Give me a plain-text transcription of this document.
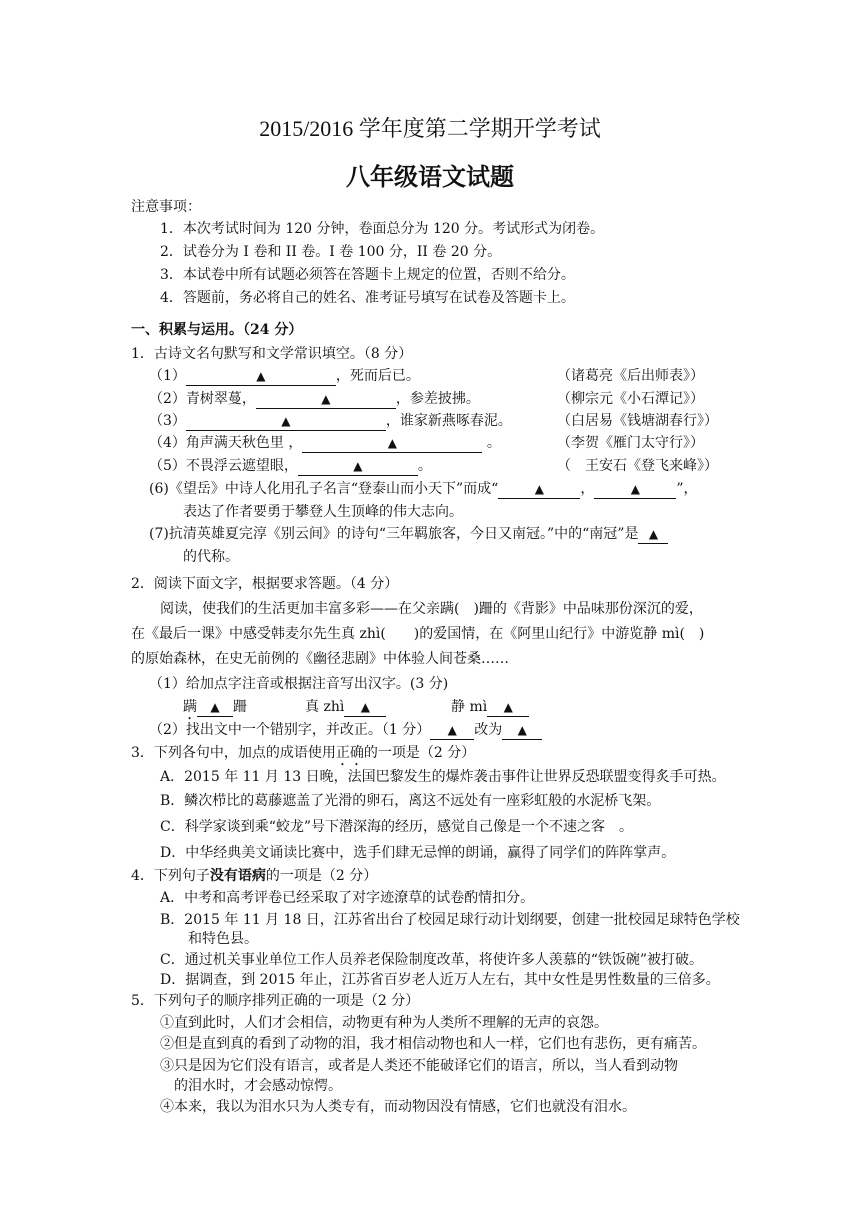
2015/2016 学年度第二学期开学考试
八年级语文试题
注意事项：
1．本次考试时间为 120 分钟，卷面总分为 120 分。考试形式为闭卷。
2．试卷分为 I 卷和 II 卷。I 卷 100 分，II 卷 20 分。
3．本试卷中所有试题必须答在答题卡上规定的位置，否则不给分。
4．答题前，务必将自己的姓名、准考证号填写在试卷及答题卡上。
一、积累与运用。（24 分）
1．古诗文名句默写和文学常识填空。（8 分）
（1）	▲	，死而后已。	（诸葛亮《后出师表》）
（2）青树翠蔓，	▲	，参差披拂。	（柳宗元《小石潭记》）
（3）	▲	，谁家新燕啄春泥。	（白居易《钱塘湖春行》）
（4）角声满天秋色里 ，	▲	。	（李贺《雁门太守行》）
（5）不畏浮云遮望眼，	▲	。	（　王安石《登飞来峰》）
(6)《望岳》中诗人化用孔子名言“登泰山而小天下”而成“	▲	，	▲	”，
表达了作者要勇于攀登人生顶峰的伟大志向。
(7)抗清英雄夏完淳《别云间》的诗句“三年羁旅客，今日又南冠。”中的“南冠”是 ▲
的代称。
2．阅读下面文字，根据要求答题。（4 分）
阅读，使我们的生活更加丰富多彩——在父亲蹒(　)跚的《背影》中品味那份深沉的爱，
在《最后一课》中感受韩麦尔先生真 zhì(　　)的爱国情，在《阿里山纪行》中游览静 mì(　)
的原始森林，在史无前例的《幽径悲剧》中体验人间苍桑……
（1）给加点字注音或根据注音写出汉字。(3 分)
蹒 ▲ 跚	真 zhì ▲	静 mì ▲
（2）找出文中一个错别字，并改正。（1 分） ▲ 改为 ▲
3．下列各句中，加点的成语使用正确的一项是（2 分）
A．2015 年 11 月 13 日晚，法国巴黎发生的爆炸袭击事件让世界反恐联盟变得炙手可热。
B．鳞次栉比的葛藤遮盖了光滑的卵石，离这不远处有一座彩虹般的水泥桥飞架。
C．科学家谈到乘“蛟龙”号下潜深海的经历，感觉自己像是一个不速之客　。
D．中华经典美文诵读比赛中，选手们肆无忌惮的朗诵，赢得了同学们的阵阵掌声。
4．下列句子没有语病的一项是（2 分）
A．中考和高考评卷已经采取了对字迹潦草的试卷酌情扣分。
B．2015 年 11 月 18 日，江苏省出台了校园足球行动计划纲要，创建一批校园足球特色学校
和特色县。
C．通过机关事业单位工作人员养老保险制度改革，将使许多人羡慕的“铁饭碗”被打破。
D．据调查，到 2015 年止，江苏省百岁老人近万人左右，其中女性是男性数量的三倍多。
5．下列句子的顺序排列正确的一项是（2 分）
①直到此时，人们才会相信，动物更有种为人类所不理解的无声的哀怨。
②但是直到真的看到了动物的泪，我才相信动物也和人一样，它们也有悲伤，更有痛苦。
③只是因为它们没有语言，或者是人类还不能破译它们的语言，所以，当人看到动物
的泪水时，才会感动惊愕。
④本来，我以为泪水只为人类专有，而动物因没有情感，它们也就没有泪水。
